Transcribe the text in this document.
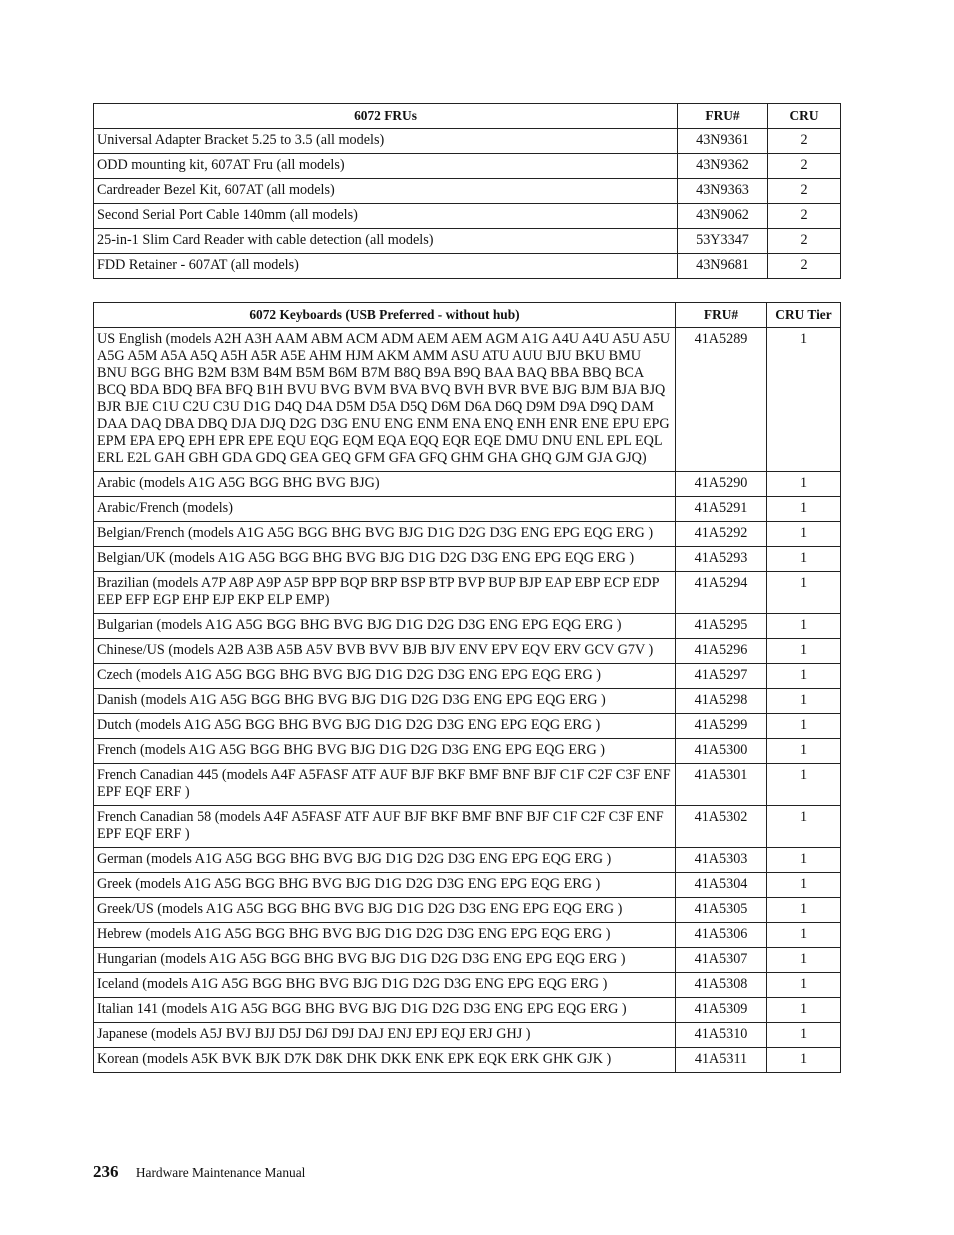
6072 FRUs	FRU#	CRU
Universal Adapter Bracket 5.25 to 3.5 (all models)	43N9361	2
ODD mounting kit, 607AT Fru (all models)	43N9362	2
Cardreader Bezel Kit, 607AT (all models)	43N9363	2
Second Serial Port Cable 140mm (all models)	43N9062	2
25-in-1 Slim Card Reader with cable detection (all models)	53Y3347	2
FDD Retainer - 607AT (all models)	43N9681	2
6072 Keyboards (USB Preferred - without hub)	FRU#	CRU Tier
US English (models A2H A3H AAM ABM ACM ADM AEM AEM AGM A1G A4U A4U A5U A5U A5G A5M A5A A5Q A5H A5R A5E AHM HJM AKM AMM ASU ATU AUU BJU BKU BMU BNU BGG BHG B2M B3M B4M B5M B6M B7M B8Q B9A B9Q BAA BAQ BBA BBQ BCA BCQ BDA BDQ BFA BFQ B1H BVU BVG BVM BVA BVQ BVH BVR BVE BJG BJM BJA BJQ BJR BJE C1U C2U C3U D1G D4Q D4A D5M D5A D5Q D6M D6A D6Q D9M D9A D9Q DAM DAA DAQ DBA DBQ DJA DJQ D2G D3G ENU ENG ENM ENA ENQ ENH ENR ENE EPU EPG EPM EPA EPQ EPH EPR EPE EQU EQG EQM EQA EQQ EQR EQE DMU DNU ENL EPL EQL ERL E2L GAH GBH GDA GDQ GEA GEQ GFM GFA GFQ GHM GHA GHQ GJM GJA GJQ)	41A5289	1
Arabic (models A1G A5G BGG BHG BVG BJG)	41A5290	1
Arabic/French (models)	41A5291	1
Belgian/French (models A1G A5G BGG BHG BVG BJG D1G D2G D3G ENG EPG EQG ERG )	41A5292	1
Belgian/UK (models A1G A5G BGG BHG BVG BJG D1G D2G D3G ENG EPG EQG ERG )	41A5293	1
Brazilian (models A7P A8P A9P A5P BPP BQP BRP BSP BTP BVP BUP BJP EAP EBP ECP EDP EEP EFP EGP EHP EJP EKP ELP EMP)	41A5294	1
Bulgarian (models A1G A5G BGG BHG BVG BJG D1G D2G D3G ENG EPG EQG ERG )	41A5295	1
Chinese/US (models A2B A3B A5B A5V BVB BVV BJB BJV ENV EPV EQV ERV GCV G7V )	41A5296	1
Czech (models A1G A5G BGG BHG BVG BJG D1G D2G D3G ENG EPG EQG ERG )	41A5297	1
Danish (models A1G A5G BGG BHG BVG BJG D1G D2G D3G ENG EPG EQG ERG )	41A5298	1
Dutch (models A1G A5G BGG BHG BVG BJG D1G D2G D3G ENG EPG EQG ERG )	41A5299	1
French (models A1G A5G BGG BHG BVG BJG D1G D2G D3G ENG EPG EQG ERG )	41A5300	1
French Canadian 445 (models A4F A5FASF ATF AUF BJF BKF BMF BNF BJF C1F C2F C3F ENF EPF EQF ERF )	41A5301	1
French Canadian 58 (models A4F A5FASF ATF AUF BJF BKF BMF BNF BJF C1F C2F C3F ENF EPF EQF ERF )	41A5302	1
German (models A1G A5G BGG BHG BVG BJG D1G D2G D3G ENG EPG EQG ERG )	41A5303	1
Greek (models A1G A5G BGG BHG BVG BJG D1G D2G D3G ENG EPG EQG ERG )	41A5304	1
Greek/US (models A1G A5G BGG BHG BVG BJG D1G D2G D3G ENG EPG EQG ERG )	41A5305	1
Hebrew (models A1G A5G BGG BHG BVG BJG D1G D2G D3G ENG EPG EQG ERG )	41A5306	1
Hungarian (models A1G A5G BGG BHG BVG BJG D1G D2G D3G ENG EPG EQG ERG )	41A5307	1
Iceland (models A1G A5G BGG BHG BVG BJG D1G D2G D3G ENG EPG EQG ERG )	41A5308	1
Italian 141 (models A1G A5G BGG BHG BVG BJG D1G D2G D3G ENG EPG EQG ERG )	41A5309	1
Japanese (models A5J BVJ BJJ D5J D6J D9J DAJ ENJ EPJ EQJ ERJ GHJ )	41A5310	1
Korean (models A5K BVK BJK D7K D8K DHK DKK ENK EPK EQK ERK GHK GJK )	41A5311	1
236 Hardware Maintenance Manual
